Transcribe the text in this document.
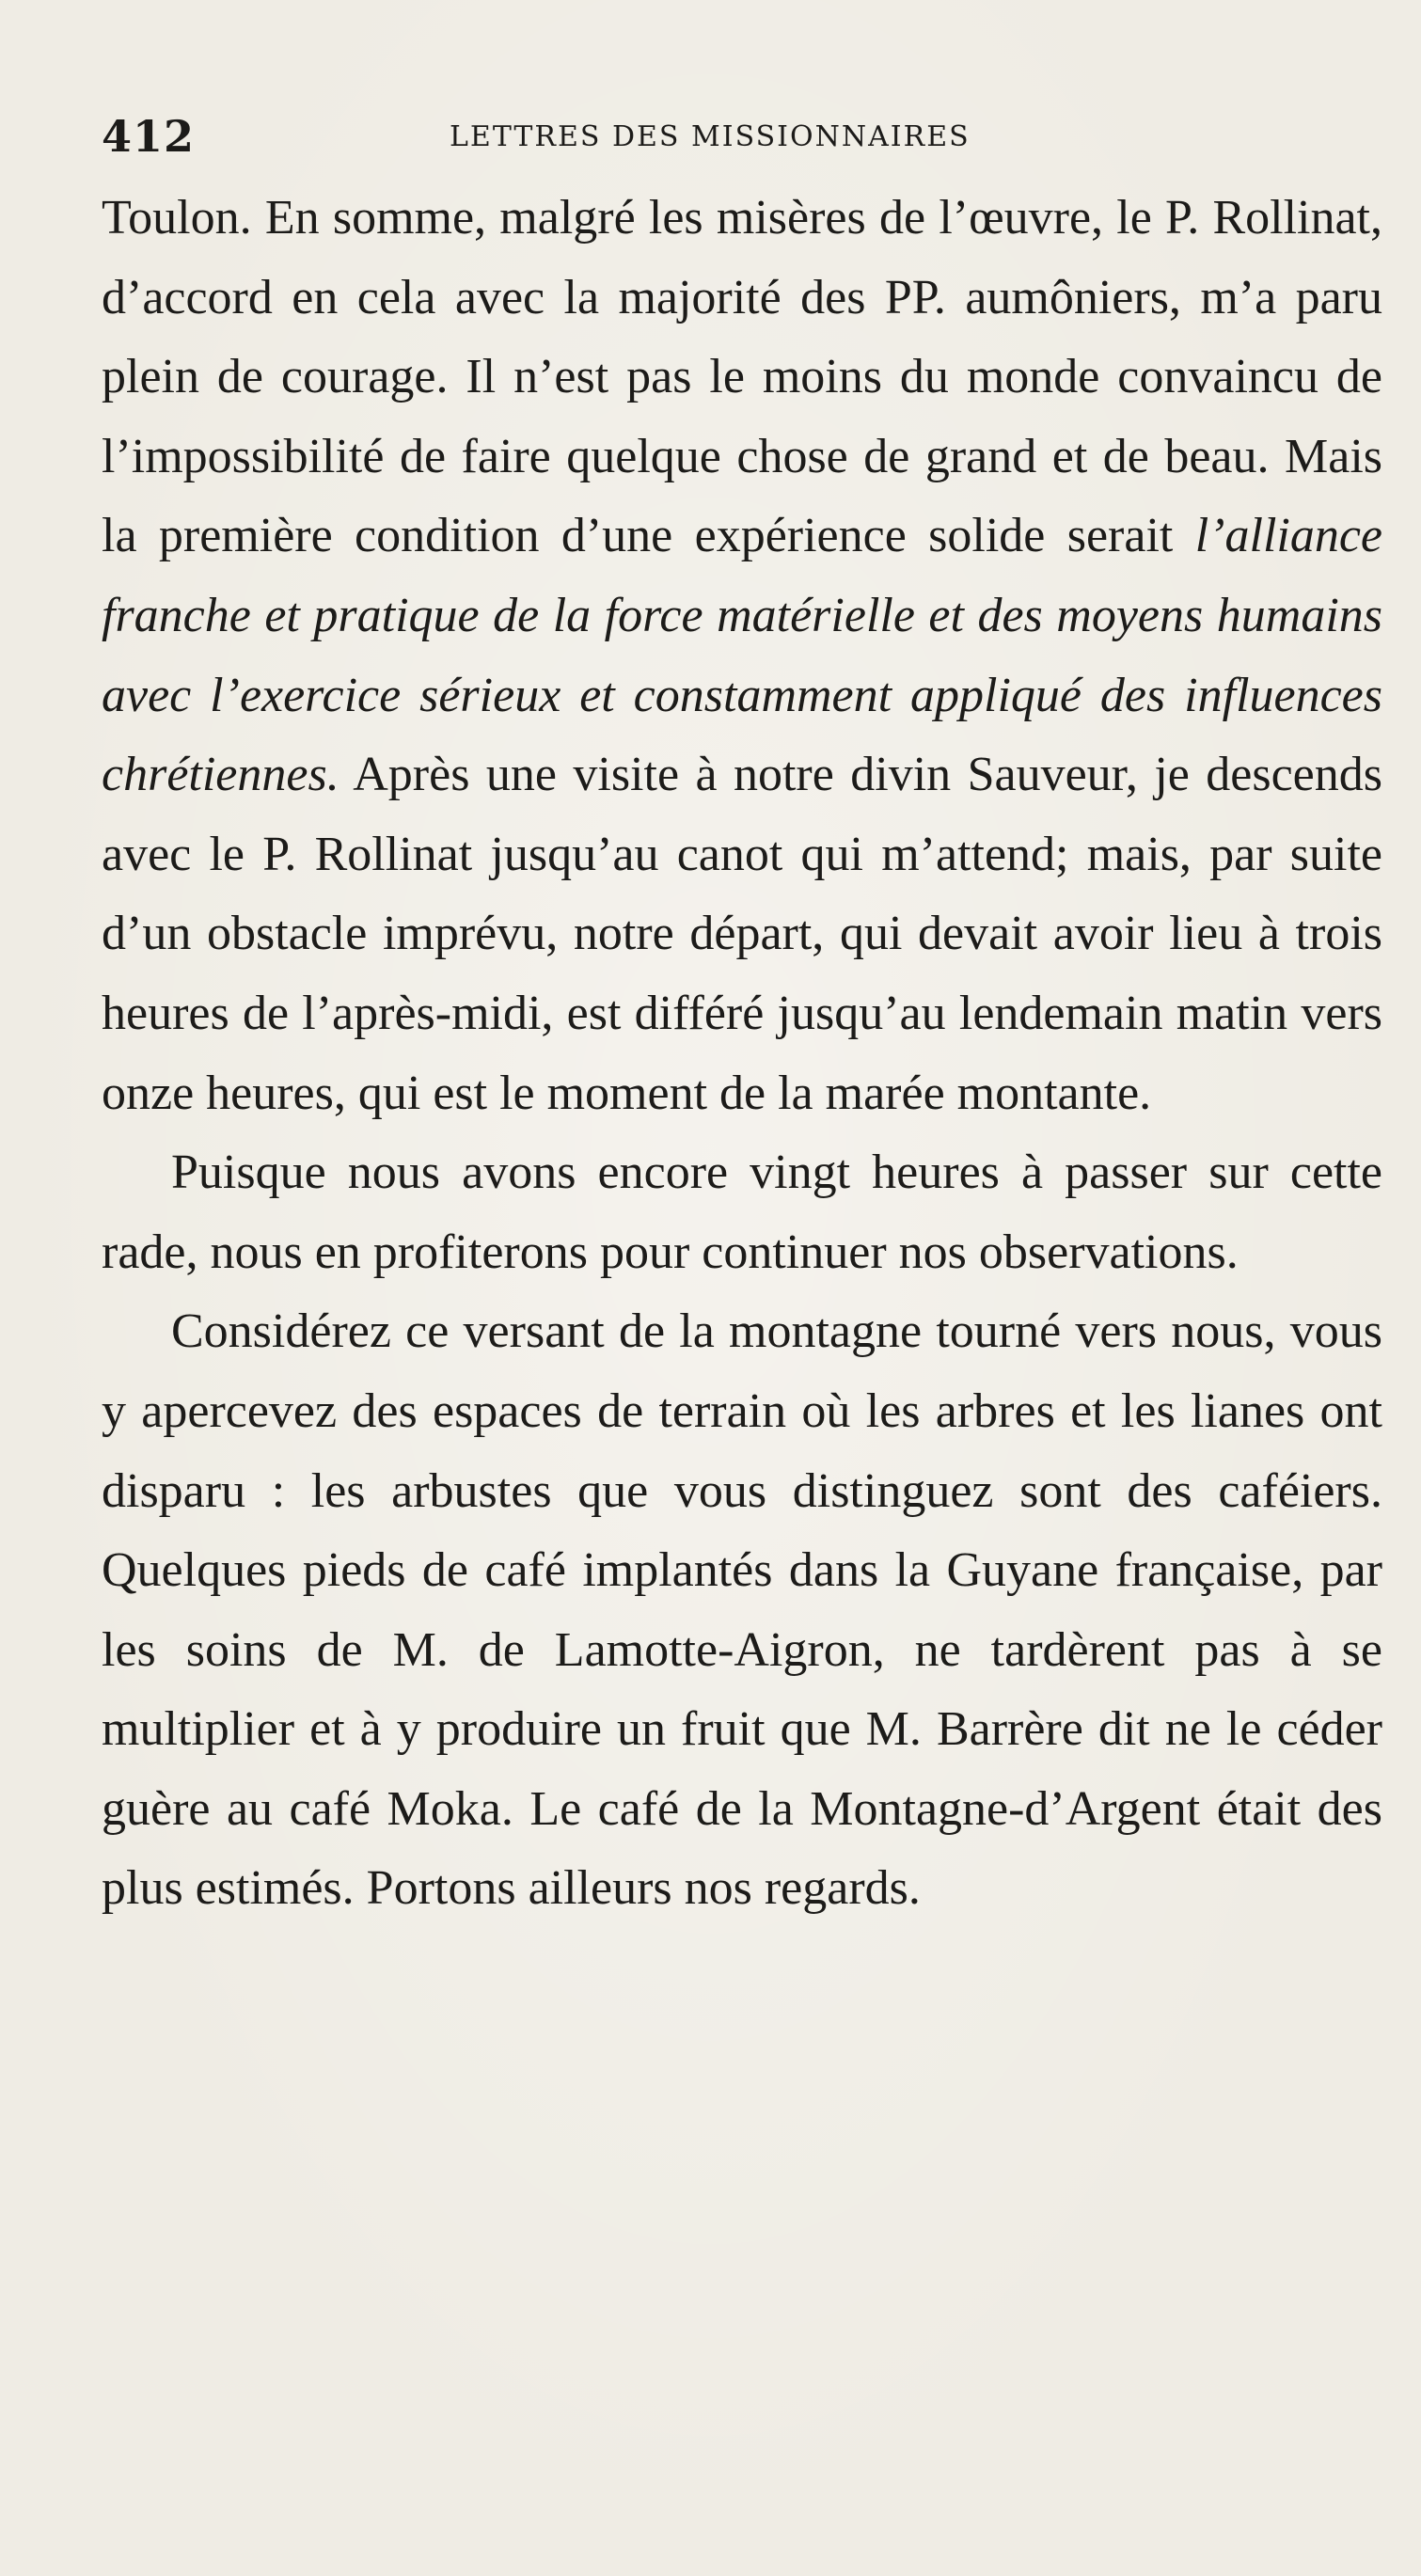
412	LETTRES DES MISSIONNAIRES

Toulon. En somme, malgré les misères de l’œuvre, le P. Rollinat, d’accord en cela avec la majorité des PP. aumôniers, m’a paru plein de courage. Il n’est pas le moins du monde convaincu de l’impossibilité de faire quelque chose de grand et de beau. Mais la première condition d’une expérience solide serait l’alliance franche et pratique de la force matérielle et des moyens humains avec l’exercice sérieux et constamment appliqué des influences chrétiennes. Après une visite à notre divin Sauveur, je descends avec le P. Rollinat jusqu’au canot qui m’attend; mais, par suite d’un obstacle imprévu, notre départ, qui devait avoir lieu à trois heures de l’après-midi, est différé jusqu’au lendemain matin vers onze heures, qui est le moment de la marée montante.

Puisque nous avons encore vingt heures à passer sur cette rade, nous en profiterons pour continuer nos observations.

Considérez ce versant de la montagne tourné vers nous, vous y apercevez des espaces de terrain où les arbres et les lianes ont disparu : les arbustes que vous distinguez sont des caféiers. Quelques pieds de café implantés dans la Guyane française, par les soins de M. de Lamotte-Aigron, ne tardèrent pas à se multiplier et à y produire un fruit que M. Barrère dit ne le céder guère au café Moka. Le café de la Montagne-d’Argent était des plus estimés. Portons ailleurs nos regards.
